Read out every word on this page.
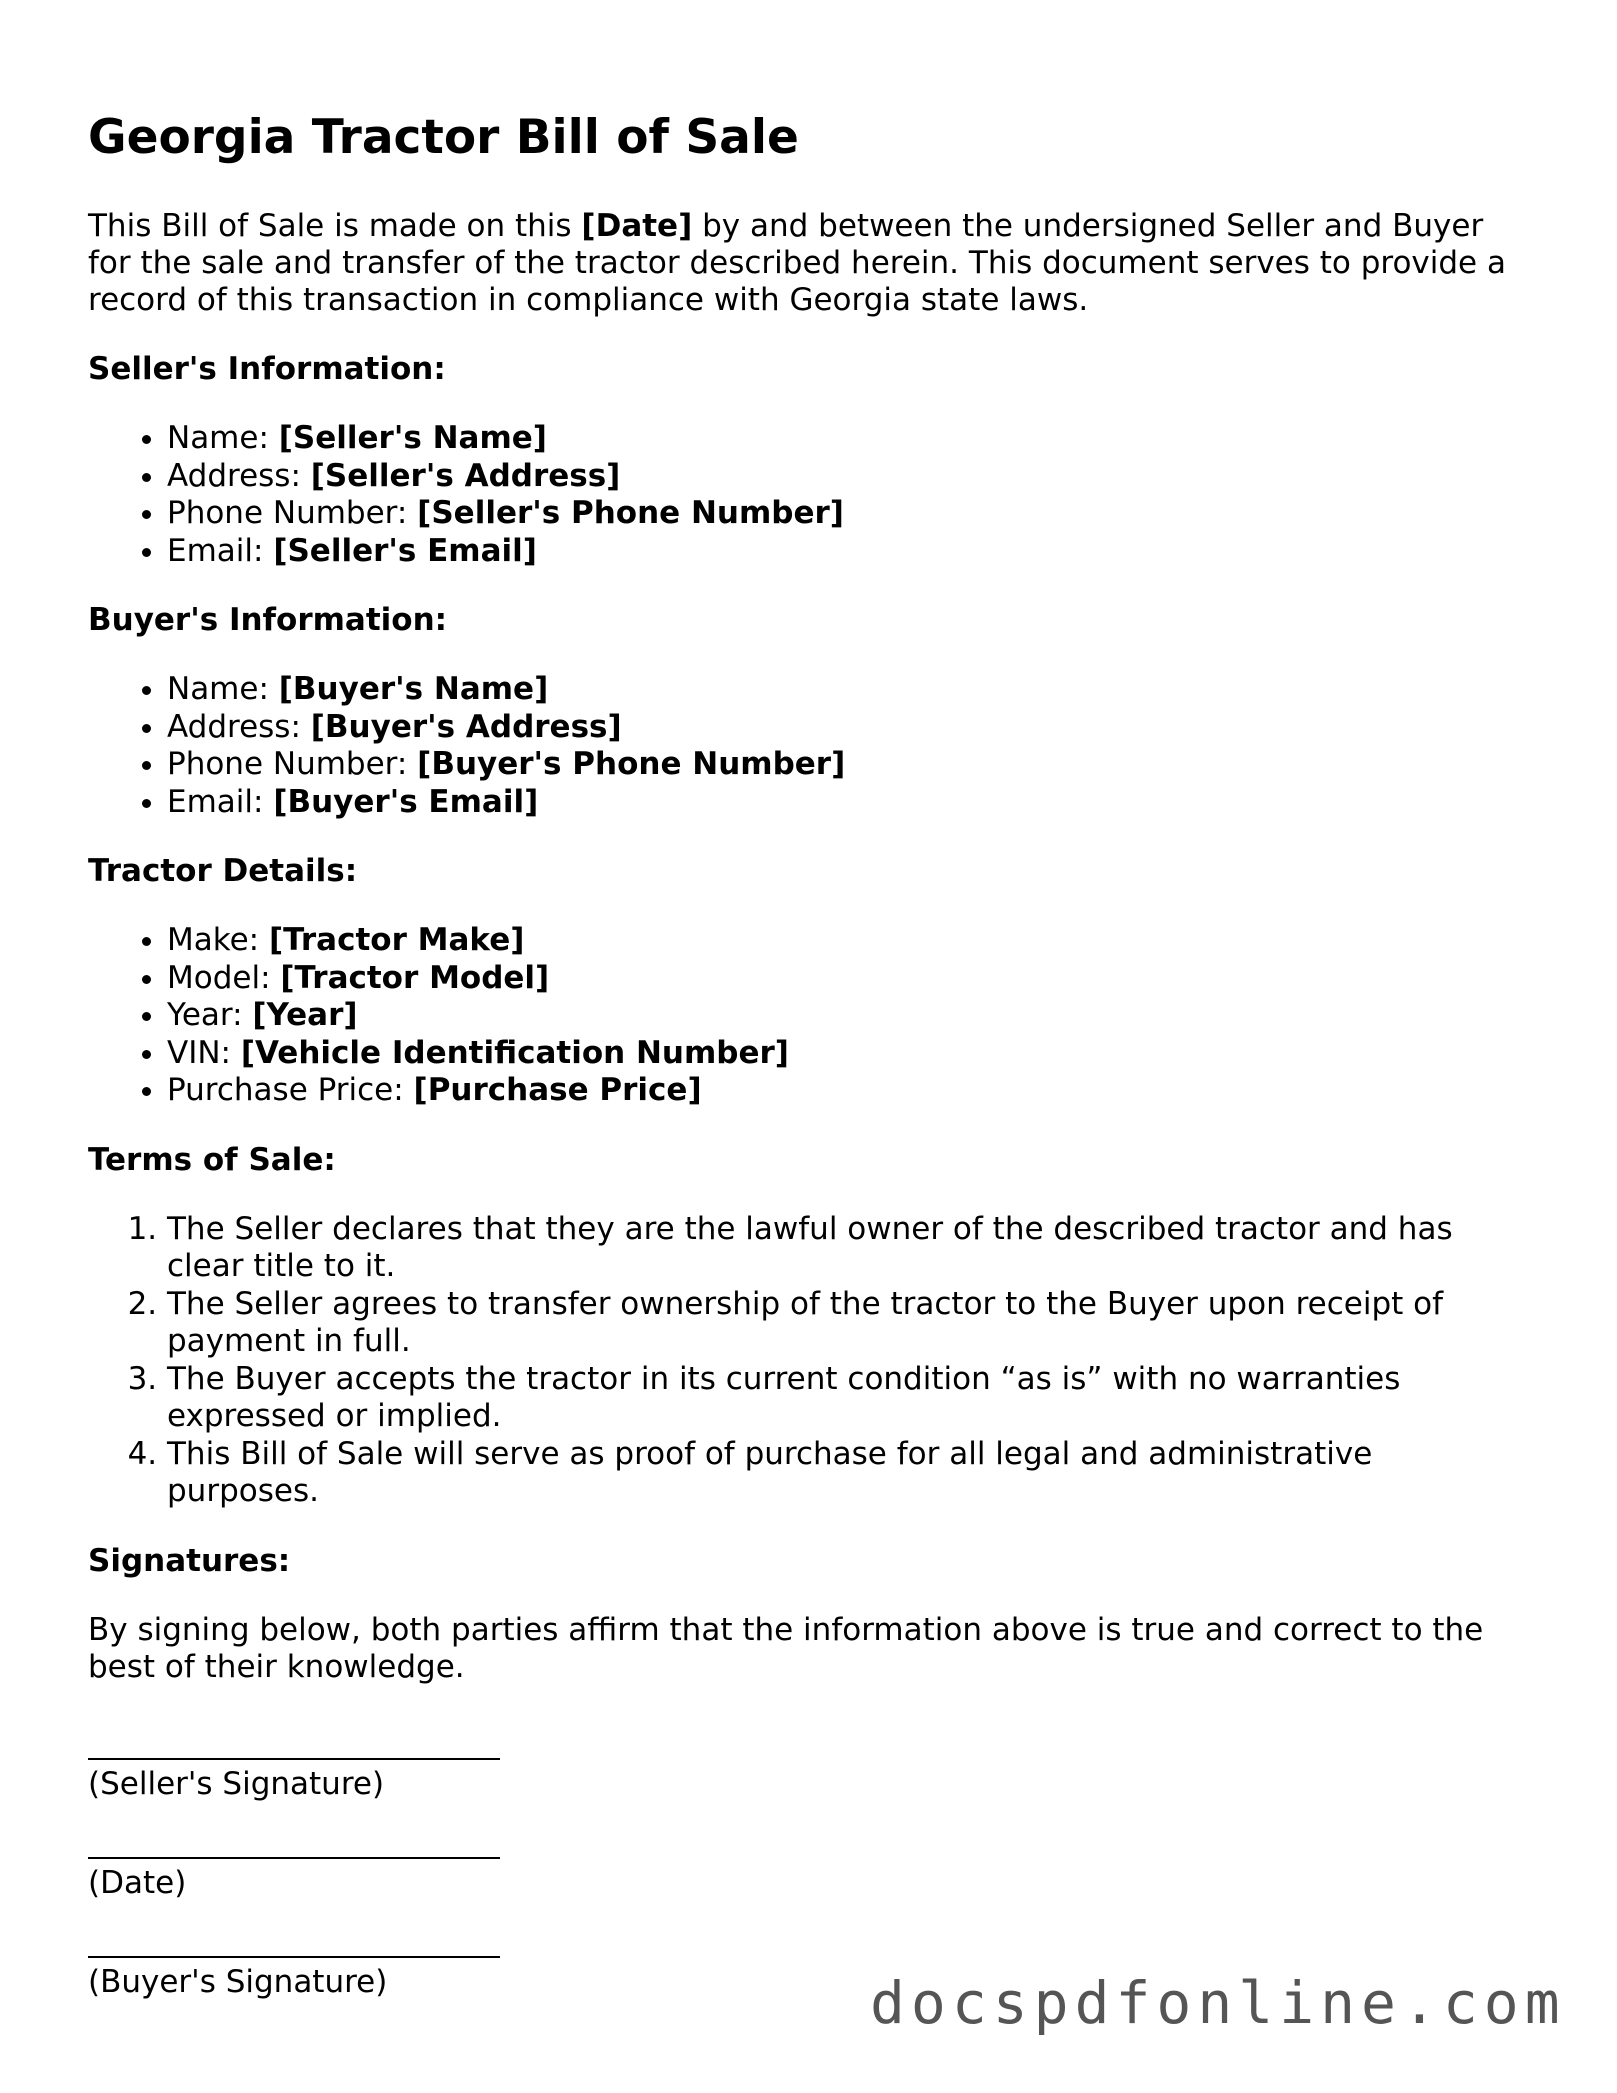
Georgia Tractor Bill of Sale

This Bill of Sale is made on this [Date] by and between the undersigned Seller and Buyer for the sale and transfer of the tractor described herein. This document serves to provide a record of this transaction in compliance with Georgia state laws.

Seller's Information:
• Name: [Seller's Name]
• Address: [Seller's Address]
• Phone Number: [Seller's Phone Number]
• Email: [Seller's Email]
Buyer's Information:
• Name: [Buyer's Name]
• Address: [Buyer's Address]
• Phone Number: [Buyer's Phone Number]
• Email: [Buyer's Email]
Tractor Details:
• Make: [Tractor Make]
• Model: [Tractor Model]
• Year: [Year]
• VIN: [Vehicle Identification Number]
• Purchase Price: [Purchase Price]
Terms of Sale:
1. The Seller declares that they are the lawful owner of the described tractor and has clear title to it.
2. The Seller agrees to transfer ownership of the tractor to the Buyer upon receipt of payment in full.
3. The Buyer accepts the tractor in its current condition “as is” with no warranties expressed or implied.
4. This Bill of Sale will serve as proof of purchase for all legal and administrative purposes.
Signatures:

By signing below, both parties affirm that the information above is true and correct to the best of their knowledge.

(Seller's Signature)
(Date)
(Buyer's Signature)	docspdfonline.com
